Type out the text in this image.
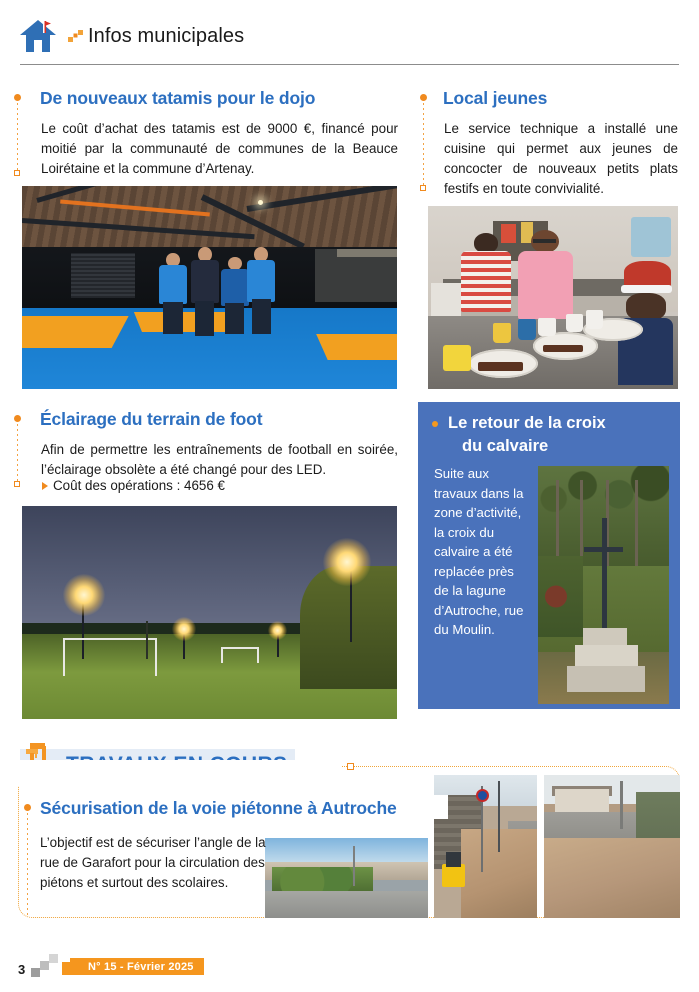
Infos municipales
De nouveaux tatamis pour le dojo
Le coût d’achat des tatamis est de 9000 €, financé pour moitié par la communauté de communes de la Beauce Loirétaine et la commune d’Artenay.
Local jeunes
Le service technique a installé une cuisine qui permet aux jeunes de concocter de nouveaux petits plats festifs en toute convivialité.
Éclairage du terrain de foot
Afin de permettre les entraînements de football en soirée, l’éclairage obsolète a été changé pour des LED.
Coût des opérations : 4656 €
Le retour de la croix
du calvaire
Suite aux travaux dans la zone d’activité, la croix du calvaire a été replacée près de la lagune d’Autroche, rue du Moulin.
Sécurisation de la voie piétonne à Autroche
L’objectif est de sécuriser l’angle de la rue de Garafort pour la circulation des piétons et surtout des scolaires.
3	N° 15 - Février 2025
